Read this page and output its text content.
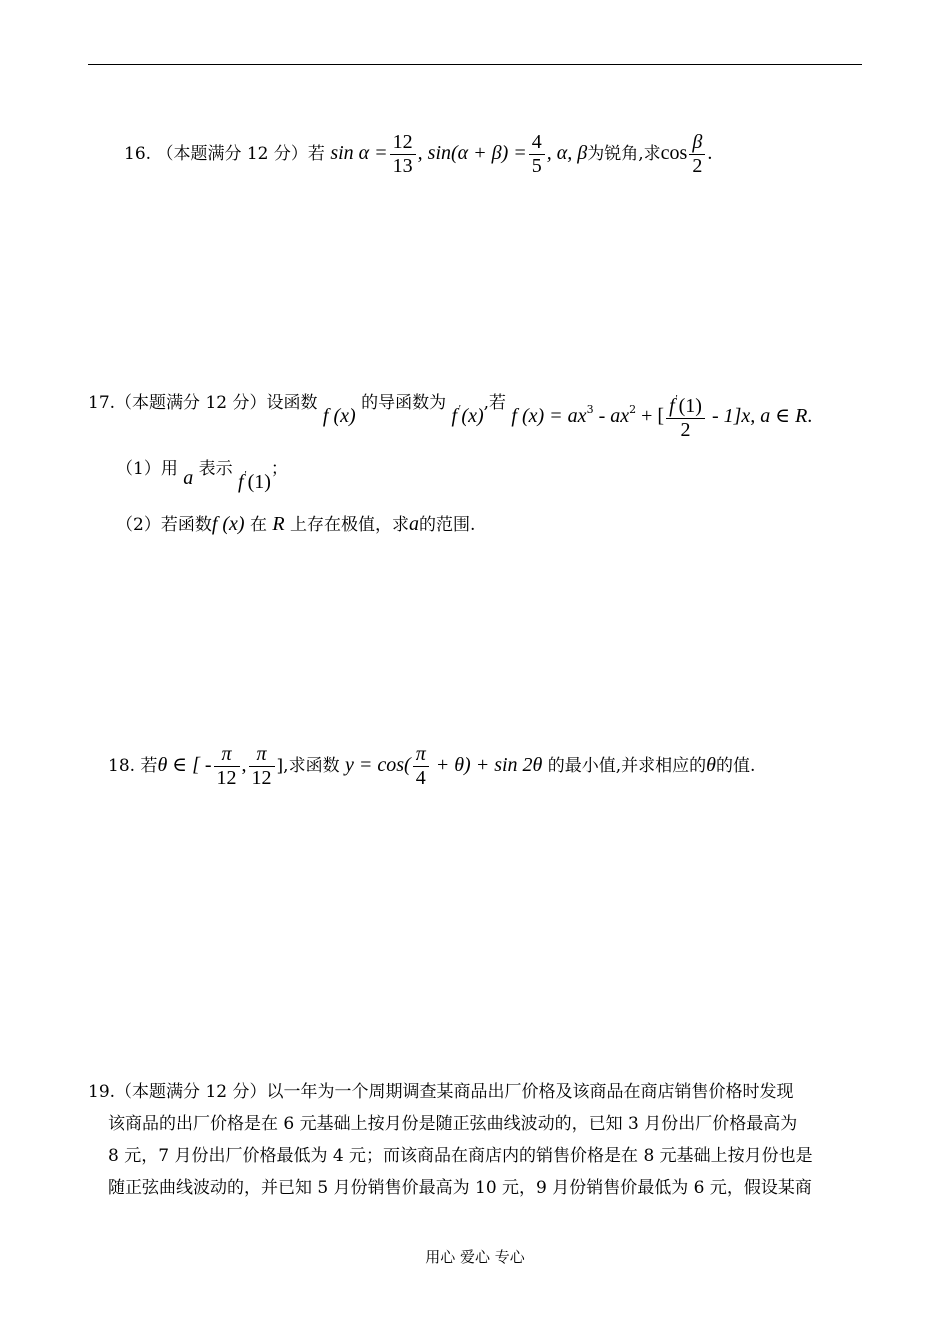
16. （本题满分 12 分）若 $\sin \alpha = \frac{12}{13}$ , $\sin(\alpha + \beta) = \frac{4}{5}$ , α, β为锐角,求$\cos \frac{\beta}{2}$ .
17.（本题满分 12 分）设函数 f (x) 的导函数为 f'(x),若 f $(x) = ax^3 - ax^2$ + [ $\frac{f'(1)}{2} - 1]x$, a ∈ R.
（1）用 a 表示 f'(1)；
（2）若函数f (x) 在 R 上存在极值，求a的范围.
18. 若θ ∈ [ - $\frac{\pi}{12}$ , $\frac{\pi}{12}$ ],求函数 $y = \cos( \frac{\pi}{4} + \theta) + \sin 2\theta$ 的最小值,并求相应的θ的值.
19.（本题满分 12 分）以一年为一个周期调查某商品出厂价格及该商品在商店销售价格时发现
该商品的出厂价格是在 6 元基础上按月份是随正弦曲线波动的，已知 3 月份出厂价格最高为
8 元，7 月份出厂价格最低为 4 元；而该商品在商店内的销售价格是在 8 元基础上按月份也是
随正弦曲线波动的，并已知 5 月份销售价最高为 10 元，9 月份销售价最低为 6 元，假设某商
用心 爱心 专心
